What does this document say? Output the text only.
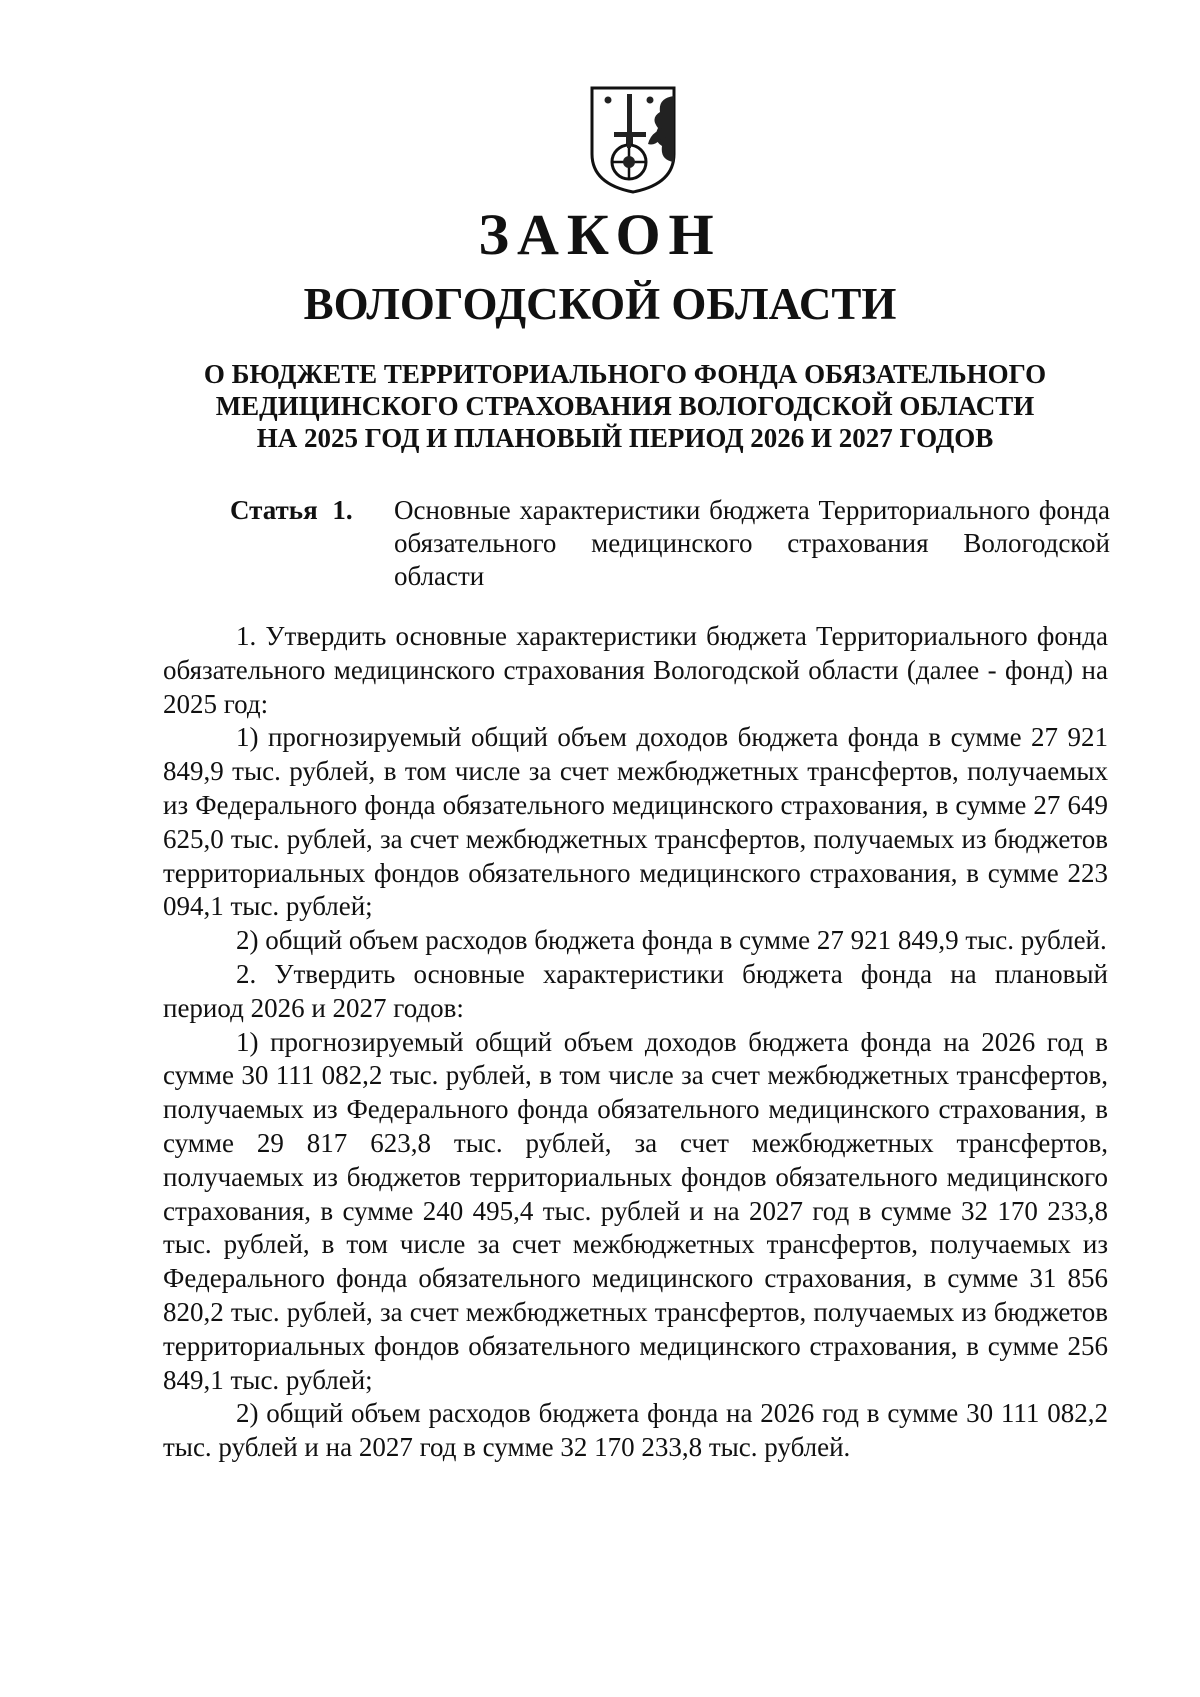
ЗАКОН
ВОЛОГОДСКОЙ ОБЛАСТИ
О БЮДЖЕТЕ ТЕРРИТОРИАЛЬНОГО ФОНДА ОБЯЗАТЕЛЬНОГО
МЕДИЦИНСКОГО СТРАХОВАНИЯ ВОЛОГОДСКОЙ ОБЛАСТИ
НА 2025 ГОД И ПЛАНОВЫЙ ПЕРИОД 2026 И 2027 ГОДОВ
Статья 1.	Основные характеристики бюджета Территориального фонда обязательного медицинского страхования Вологодской области

1. Утвердить основные характеристики бюджета Территориального фонда обязательного медицинского страхования Вологодской области (далее - фонд) на 2025 год:

1) прогнозируемый общий объем доходов бюджета фонда в сумме 27 921 849,9 тыс. рублей, в том числе за счет межбюджетных трансфертов, получаемых из Федерального фонда обязательного медицинского страхования, в сумме 27 649 625,0 тыс. рублей, за счет межбюджетных трансфертов, получаемых из бюджетов территориальных фондов обязательного медицинского страхования, в сумме 223 094,1 тыс. рублей;

2) общий объем расходов бюджета фонда в сумме 27 921 849,9 тыс. рублей.

2. Утвердить основные характеристики бюджета фонда на плановый период 2026 и 2027 годов:

1) прогнозируемый общий объем доходов бюджета фонда на 2026 год в сумме 30 111 082,2 тыс. рублей, в том числе за счет межбюджетных трансфертов, получаемых из Федерального фонда обязательного медицинского страхования, в сумме 29 817 623,8 тыс. рублей, за счет межбюджетных трансфертов, получаемых из бюджетов территориальных фондов обязательного медицинского страхования, в сумме 240 495,4 тыс. рублей и на 2027 год в сумме 32 170 233,8 тыс. рублей, в том числе за счет межбюджетных трансфертов, получаемых из Федерального фонда обязательного медицинского страхования, в сумме 31 856 820,2 тыс. рублей, за счет межбюджетных трансфертов, получаемых из бюджетов территориальных фондов обязательного медицинского страхования, в сумме 256 849,1 тыс. рублей;

2) общий объем расходов бюджета фонда на 2026 год в сумме 30 111 082,2 тыс. рублей и на 2027 год в сумме 32 170 233,8 тыс. рублей.
